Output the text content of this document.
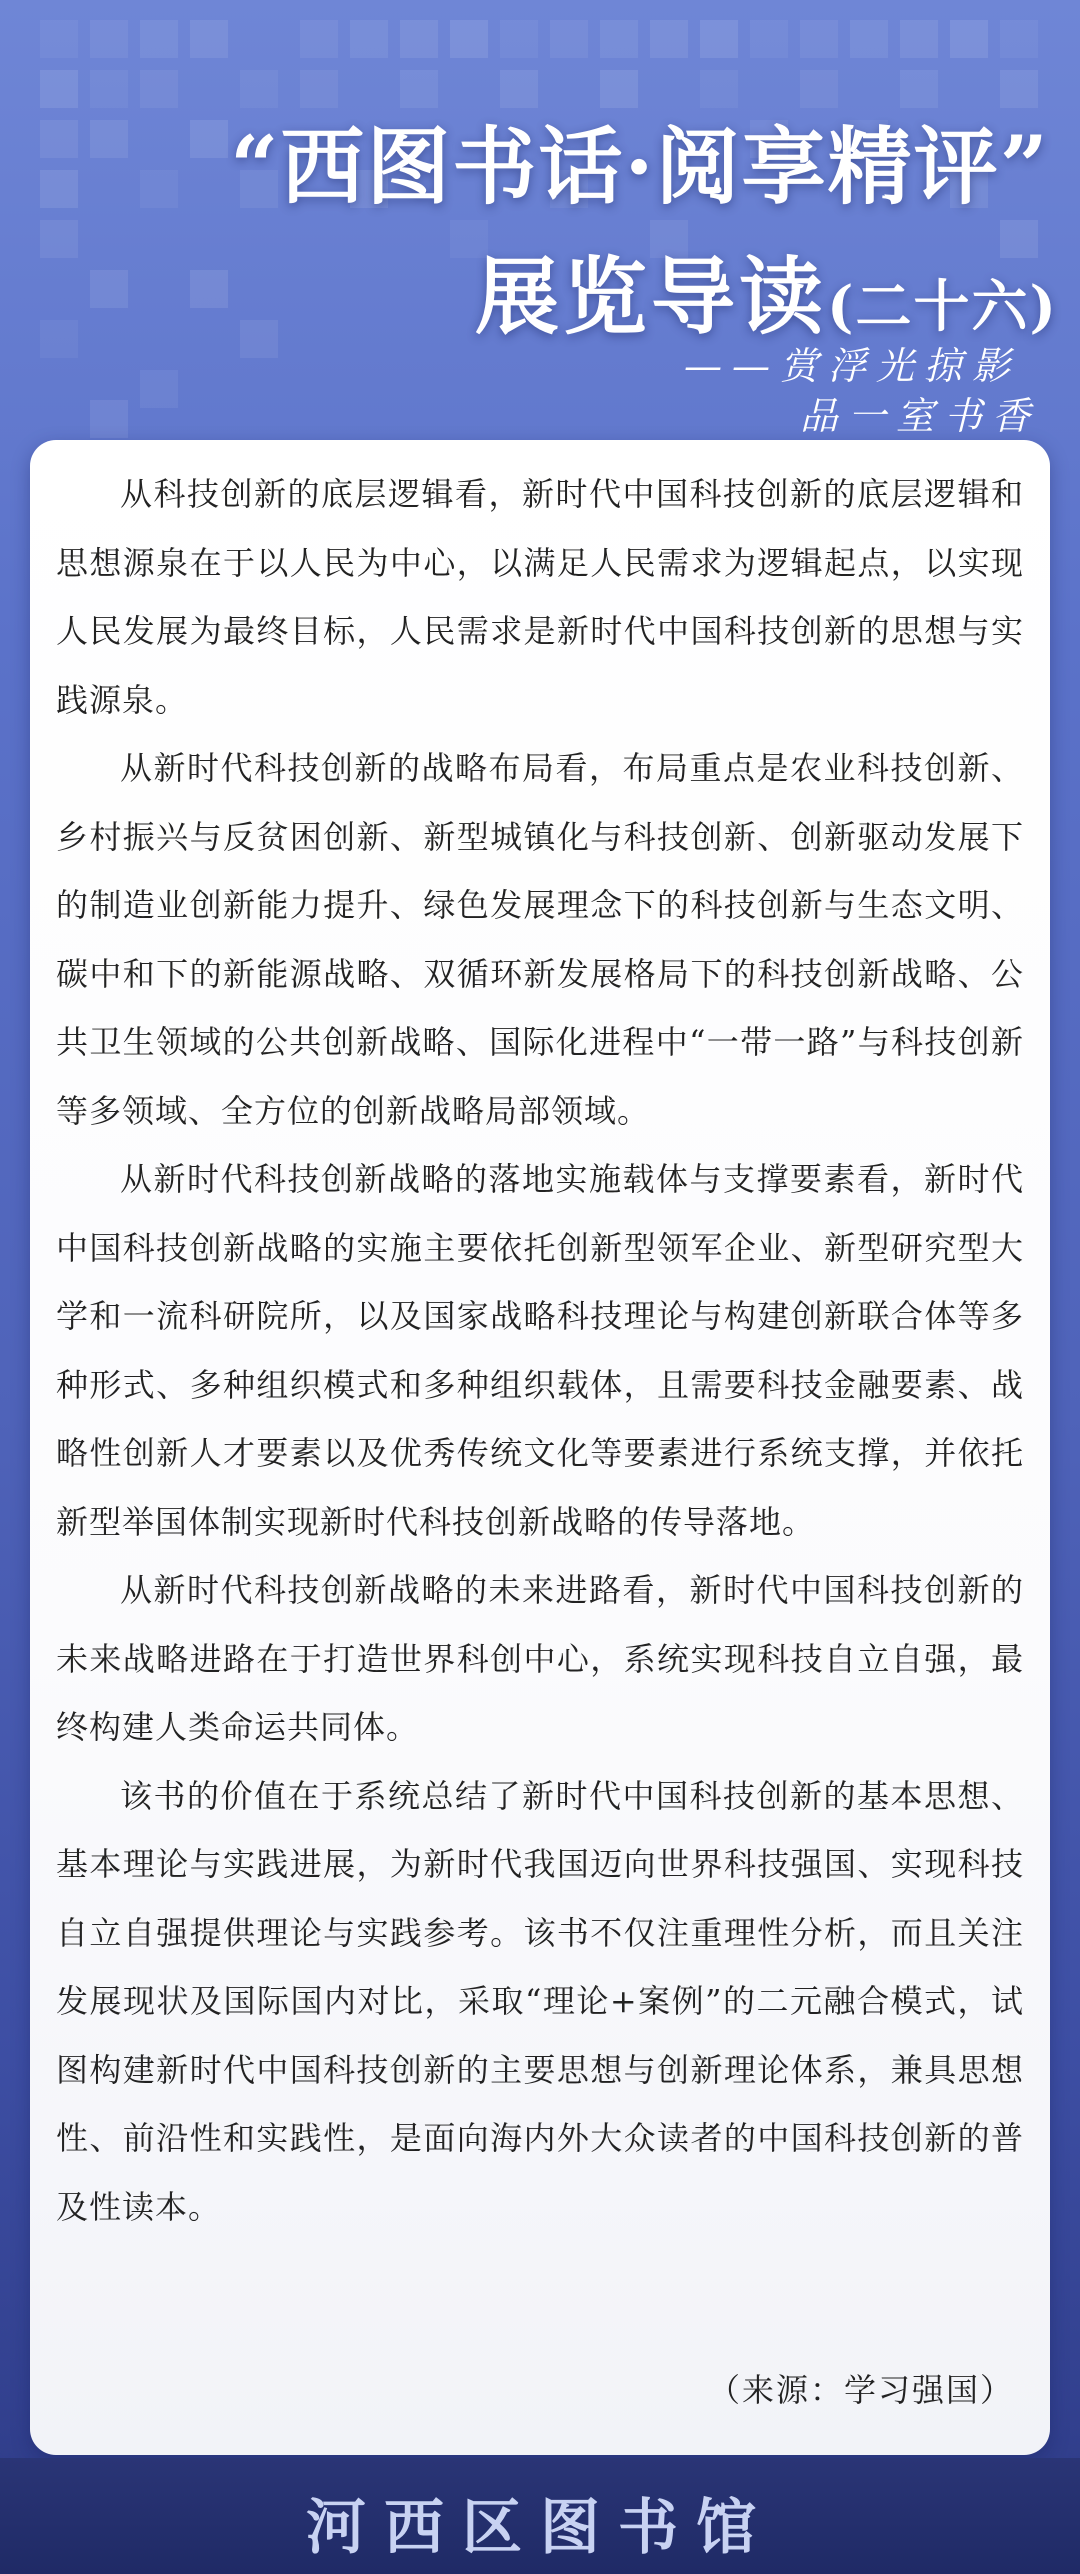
“西图书话·阅享精评”
展览导读(二十六)
——赏浮光掠影
品一室书香

从科技创新的底层逻辑看，新时代中国科技创新的底层逻辑和思想源泉在于以人民为中心，以满足人民需求为逻辑起点，以实现人民发展为最终目标，人民需求是新时代中国科技创新的思想与实践源泉。

从新时代科技创新的战略布局看，布局重点是农业科技创新、乡村振兴与反贫困创新、新型城镇化与科技创新、创新驱动发展下的制造业创新能力提升、绿色发展理念下的科技创新与生态文明、碳中和下的新能源战略、双循环新发展格局下的科技创新战略、公共卫生领域的公共创新战略、国际化进程中“一带一路”与科技创新等多领域、全方位的创新战略局部领域。

从新时代科技创新战略的落地实施载体与支撑要素看，新时代中国科技创新战略的实施主要依托创新型领军企业、新型研究型大学和一流科研院所，以及国家战略科技理论与构建创新联合体等多种形式、多种组织模式和多种组织载体，且需要科技金融要素、战略性创新人才要素以及优秀传统文化等要素进行系统支撑，并依托新型举国体制实现新时代科技创新战略的传导落地。

从新时代科技创新战略的未来进路看，新时代中国科技创新的未来战略进路在于打造世界科创中心，系统实现科技自立自强，最终构建人类命运共同体。

该书的价值在于系统总结了新时代中国科技创新的基本思想、基本理论与实践进展，为新时代我国迈向世界科技强国、实现科技自立自强提供理论与实践参考。该书不仅注重理性分析，而且关注发展现状及国际国内对比，采取“理论+案例”的二元融合模式，试图构建新时代中国科技创新的主要思想与创新理论体系，兼具思想性、前沿性和实践性，是面向海内外大众读者的中国科技创新的普及性读本。

（来源：学习强国）
河西区图书馆
